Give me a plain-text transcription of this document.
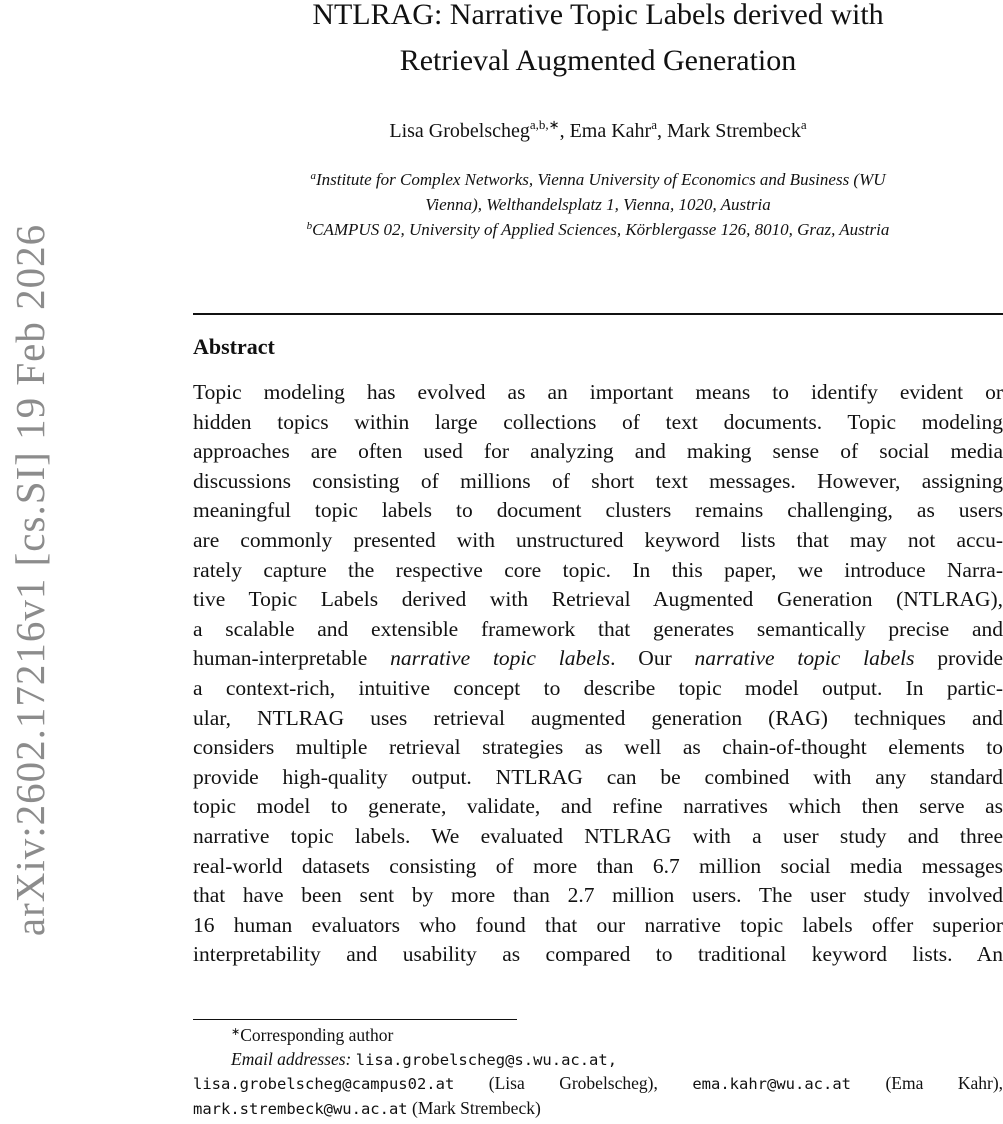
arXiv:2602.17216v1 [cs.SI] 19 Feb 2026
NTLRAG: Narrative Topic Labels derived with
Retrieval Augmented Generation
Lisa Grobelscheg$^{a,b,∗}$, Ema Kahr$^a$, Mark Strembeck$^a$
$^a$Institute for Complex Networks, Vienna University of Economics and Business (WU
Vienna), Welthandelsplatz 1, Vienna, 1020, Austria
$^b$CAMPUS 02, University of Applied Sciences, Körblergasse 126, 8010, Graz, Austria
Abstract
Topic modeling has evolved as an important means to identify evident or
hidden topics within large collections of text documents. Topic modeling
approaches are often used for analyzing and making sense of social media
discussions consisting of millions of short text messages. However, assigning
meaningful topic labels to document clusters remains challenging, as users
are commonly presented with unstructured keyword lists that may not accu-
rately capture the respective core topic. In this paper, we introduce Narra-
tive Topic Labels derived with Retrieval Augmented Generation (NTLRAG),
a scalable and extensible framework that generates semantically precise and
human-interpretable narrative topic labels. Our narrative topic labels provide
a context-rich, intuitive concept to describe topic model output. In partic-
ular, NTLRAG uses retrieval augmented generation (RAG) techniques and
considers multiple retrieval strategies as well as chain-of-thought elements to
provide high-quality output. NTLRAG can be combined with any standard
topic model to generate, validate, and refine narratives which then serve as
narrative topic labels. We evaluated NTLRAG with a user study and three
real-world datasets consisting of more than 6.7 million social media messages
that have been sent by more than 2.7 million users. The user study involved
16 human evaluators who found that our narrative topic labels offer superior
interpretability and usability as compared to traditional keyword lists. An
∗Corresponding author
Email addresses: lisa.grobelscheg@s.wu.ac.at,
lisa.grobelscheg@campus02.at (Lisa Grobelscheg), ema.kahr@wu.ac.at (Ema Kahr),
mark.strembeck@wu.ac.at (Mark Strembeck)
